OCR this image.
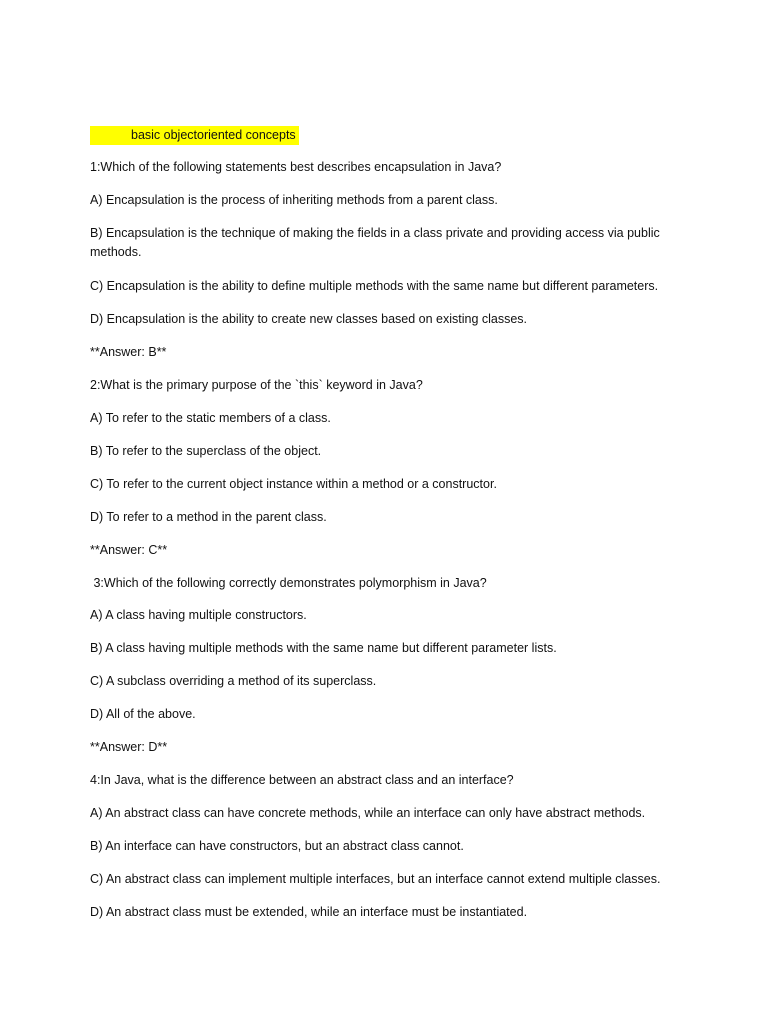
basic objectoriented concepts
1:Which of the following statements best describes encapsulation in Java?
A) Encapsulation is the process of inheriting methods from a parent class.
B) Encapsulation is the technique of making the fields in a class private and providing access via public methods.
C) Encapsulation is the ability to define multiple methods with the same name but different parameters.
D) Encapsulation is the ability to create new classes based on existing classes.
**Answer: B**
2:What is the primary purpose of the `this` keyword in Java?
A) To refer to the static members of a class.
B) To refer to the superclass of the object.
C) To refer to the current object instance within a method or a constructor.
D) To refer to a method in the parent class.
**Answer: C**
3:Which of the following correctly demonstrates polymorphism in Java?
A) A class having multiple constructors.
B) A class having multiple methods with the same name but different parameter lists.
C) A subclass overriding a method of its superclass.
D) All of the above.
**Answer: D**
4:In Java, what is the difference between an abstract class and an interface?
A) An abstract class can have concrete methods, while an interface can only have abstract methods.
B) An interface can have constructors, but an abstract class cannot.
C) An abstract class can implement multiple interfaces, but an interface cannot extend multiple classes.
D) An abstract class must be extended, while an interface must be instantiated.
